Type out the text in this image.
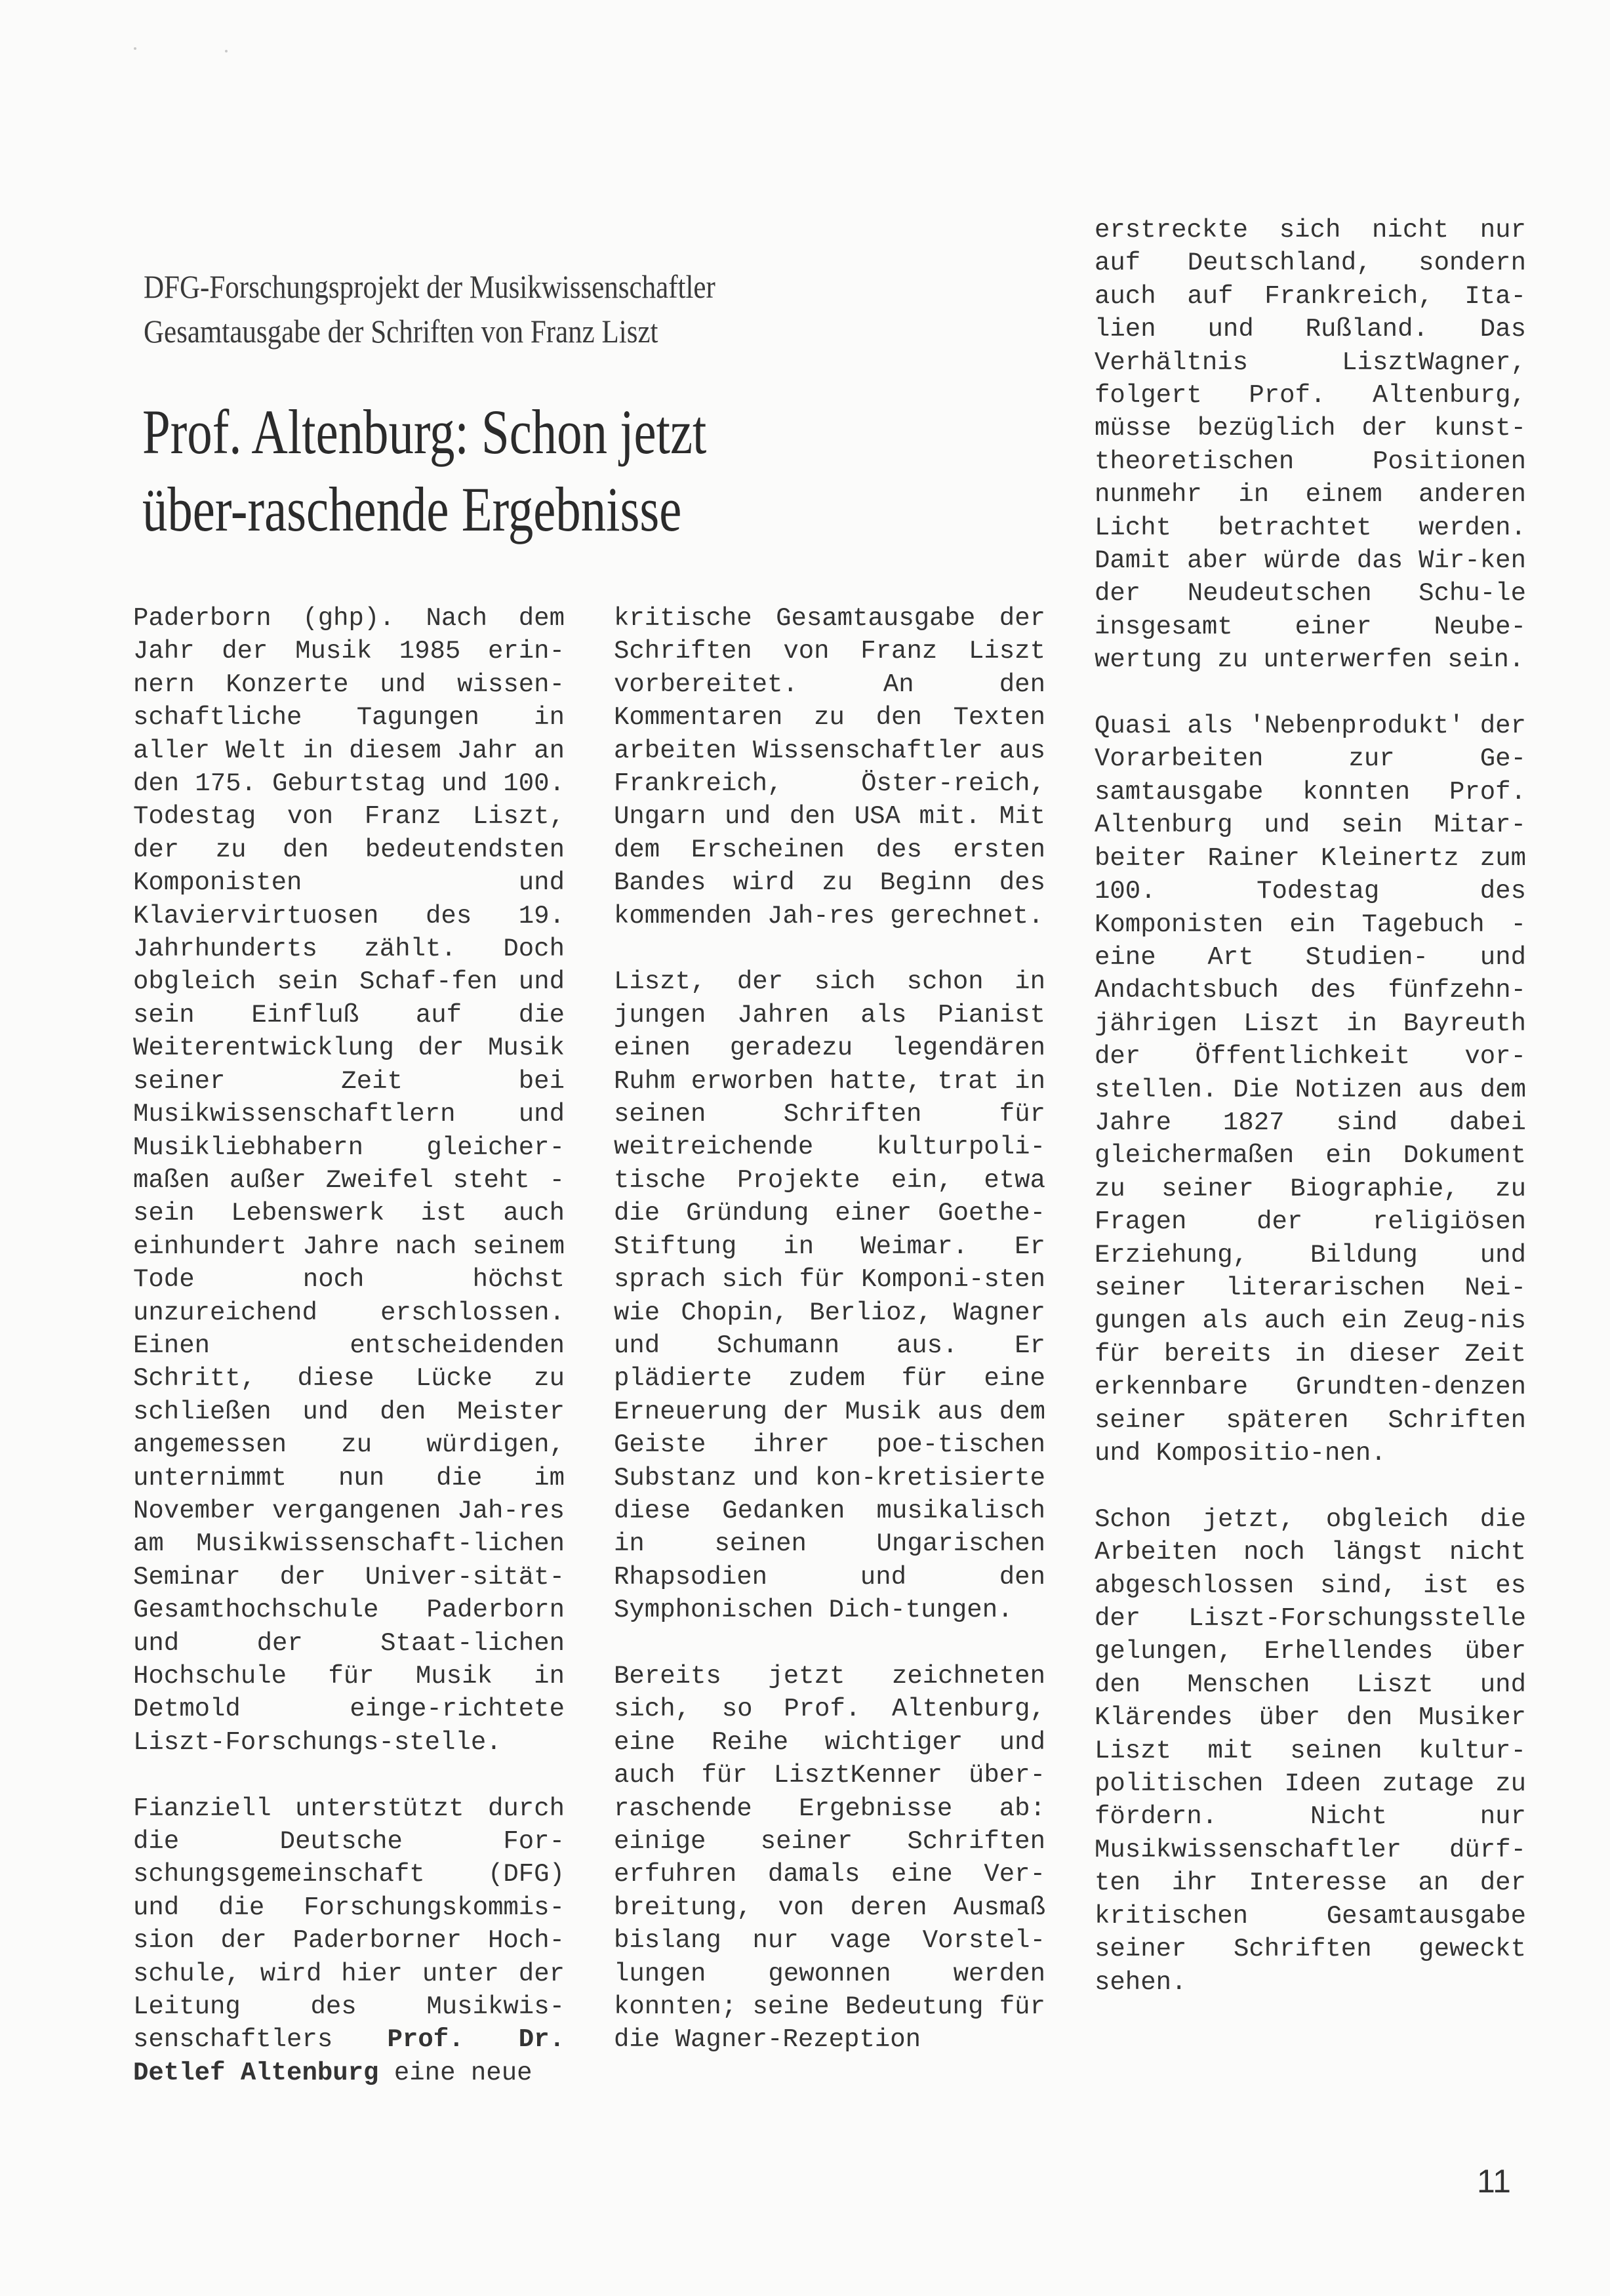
DFG-Forschungsprojekt der Musikwissenschaftler
Gesamtausgabe der Schriften von Franz Liszt
Prof. Altenburg: Schon jetzt über-raschende Ergebnisse

Paderborn (ghp). Nach dem Jahr der Musik 1985 erin-nern Konzerte und wissen-schaftliche Tagungen in aller Welt in diesem Jahr an den 175. Geburtstag und 100. Todestag von Franz Liszt, der zu den bedeutendsten Komponisten und Klaviervirtuosen des 19. Jahrhunderts zählt. Doch obgleich sein Schaf-fen und sein Einfluß auf die Weiterentwicklung der Musik seiner Zeit bei Musikwissenschaftlern und Musikliebhabern gleicher-maßen außer Zweifel steht - sein Lebenswerk ist auch einhundert Jahre nach seinem Tode noch höchst unzureichend erschlossen. Einen entscheidenden Schritt, diese Lücke zu schließen und den Meister angemessen zu würdigen, unternimmt nun die im November vergangenen Jah-res am Musikwissenschaft-lichen Seminar der Univer-sität-Gesamthochschule Paderborn und der Staat-lichen Hochschule für Musik in Detmold einge-richtete Liszt-Forschungs-stelle.

Fianziell unterstützt durch die Deutsche For-schungsgemeinschaft (DFG) und die Forschungskommis-sion der Paderborner Hoch-schule, wird hier unter der Leitung des Musikwis-senschaftlers Prof. Dr. Detlef Altenburg eine neue

kritische Gesamtausgabe der Schriften von Franz Liszt vorbereitet. An den Kommentaren zu den Texten arbeiten Wissenschaftler aus Frankreich, Öster-reich, Ungarn und den USA mit. Mit dem Erscheinen des ersten Bandes wird zu Beginn des kommenden Jah-res gerechnet.

Liszt, der sich schon in jungen Jahren als Pianist einen geradezu legendären Ruhm erworben hatte, trat in seinen Schriften für weitreichende kulturpoli-tische Projekte ein, etwa die Gründung einer Goethe-Stiftung in Weimar. Er sprach sich für Komponi-sten wie Chopin, Berlioz, Wagner und Schumann aus. Er plädierte zudem für eine Erneuerung der Musik aus dem Geiste ihrer poe-tischen Substanz und kon-kretisierte diese Gedanken musikalisch in seinen Ungarischen Rhapsodien und den Symphonischen Dich-tungen.

Bereits jetzt zeichneten sich, so Prof. Altenburg, eine Reihe wichtiger und auch für LisztKenner über-raschende Ergebnisse ab: einige seiner Schriften erfuhren damals eine Ver-breitung, von deren Ausmaß bislang nur vage Vorstel-lungen gewonnen werden konnten; seine Bedeutung für die Wagner-Rezeption

erstreckte sich nicht nur auf Deutschland, sondern auch auf Frankreich, Ita-lien und Rußland. Das Verhältnis LisztWagner, folgert Prof. Altenburg, müsse bezüglich der kunst-theoretischen Positionen nunmehr in einem anderen Licht betrachtet werden. Damit aber würde das Wir-ken der Neudeutschen Schu-le insgesamt einer Neube-wertung zu unterwerfen sein.

Quasi als 'Nebenprodukt' der Vorarbeiten zur Ge-samtausgabe konnten Prof. Altenburg und sein Mitar-beiter Rainer Kleinertz zum 100. Todestag des Komponisten ein Tagebuch - eine Art Studien- und Andachtsbuch des fünfzehn-jährigen Liszt in Bayreuth der Öffentlichkeit vor-stellen. Die Notizen aus dem Jahre 1827 sind dabei gleichermaßen ein Dokument zu seiner Biographie, zu Fragen der religiösen Erziehung, Bildung und seiner literarischen Nei-gungen als auch ein Zeug-nis für bereits in dieser Zeit erkennbare Grundten-denzen seiner späteren Schriften und Kompositio-nen.

Schon jetzt, obgleich die Arbeiten noch längst nicht abgeschlossen sind, ist es der Liszt-Forschungsstelle gelungen, Erhellendes über den Menschen Liszt und Klärendes über den Musiker Liszt mit seinen kultur-politischen Ideen zutage zu fördern. Nicht nur Musikwissenschaftler dürf-ten ihr Interesse an der kritischen Gesamtausgabe seiner Schriften geweckt sehen.

11
